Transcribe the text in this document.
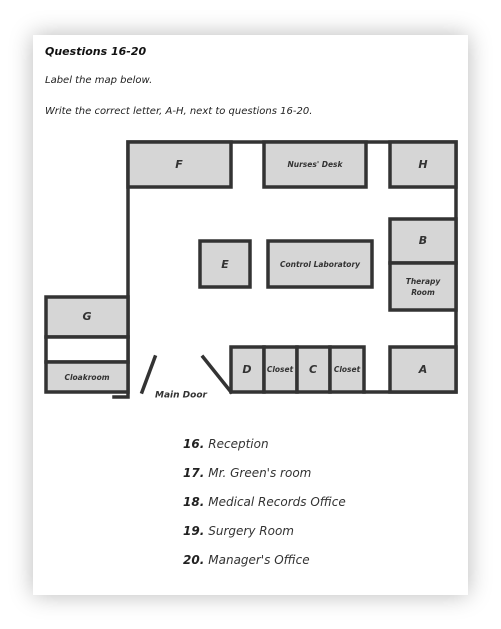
Questions 16-20
Label the map below.
Write the correct letter, A-H, next to questions 16-20.
F	Nurses' Desk	H
B
Therapy
Room
E	Control Laboratory
G
Cloakroom
D Closet C Closet	A
Main Door
16. Reception
17. Mr. Green's room
18. Medical Records Office
19. Surgery Room
20. Manager's Office
